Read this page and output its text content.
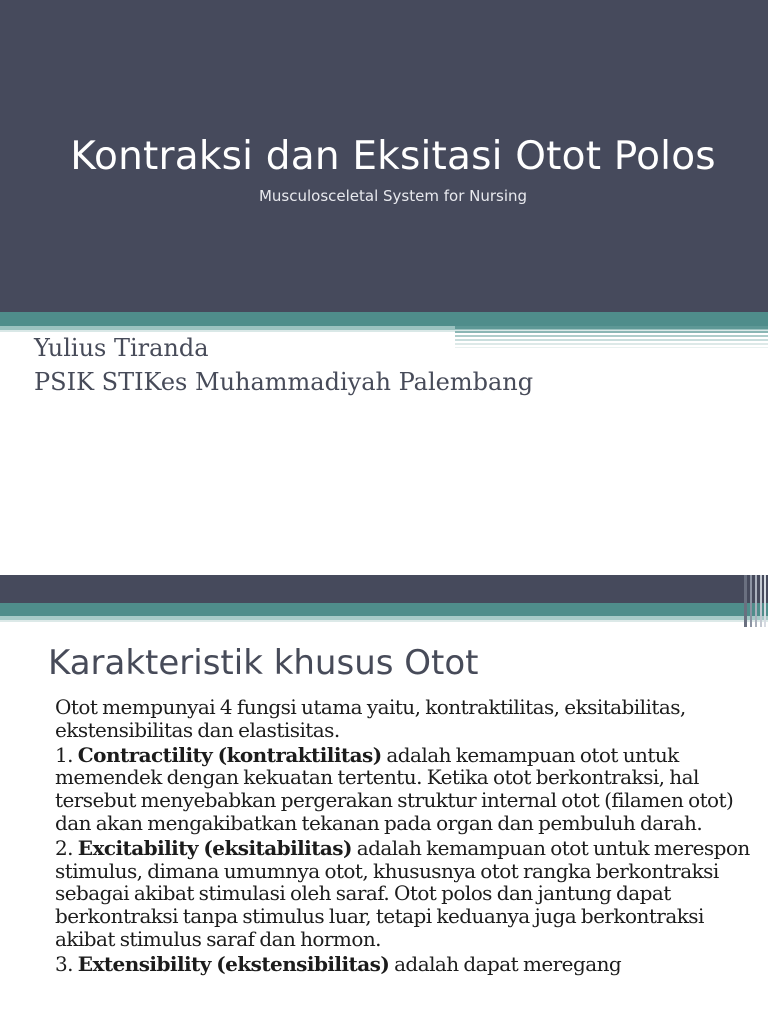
Kontraksi dan Eksitasi Otot Polos
Musculosceletal System for Nursing
Yulius Tiranda
PSIK STIKes Muhammadiyah Palembang
Karakteristik khusus Otot

Otot mempunyai 4 fungsi utama yaitu, kontraktilitas, eksitabilitas, ekstensibilitas dan elastisitas.

1. Contractility (kontraktilitas) adalah kemampuan otot untuk memendek dengan kekuatan tertentu. Ketika otot berkontraksi, hal tersebut menyebabkan pergerakan struktur internal otot (filamen otot) dan akan mengakibatkan tekanan pada organ dan pembuluh darah.

2. Excitability (eksitabilitas) adalah kemampuan otot untuk merespon stimulus, dimana umumnya otot, khususnya otot rangka berkontraksi sebagai akibat stimulasi oleh saraf. Otot polos dan jantung dapat berkontraksi tanpa stimulus luar, tetapi keduanya juga berkontraksi akibat stimulus saraf dan hormon.

3. Extensibility (ekstensibilitas) adalah dapat meregang
